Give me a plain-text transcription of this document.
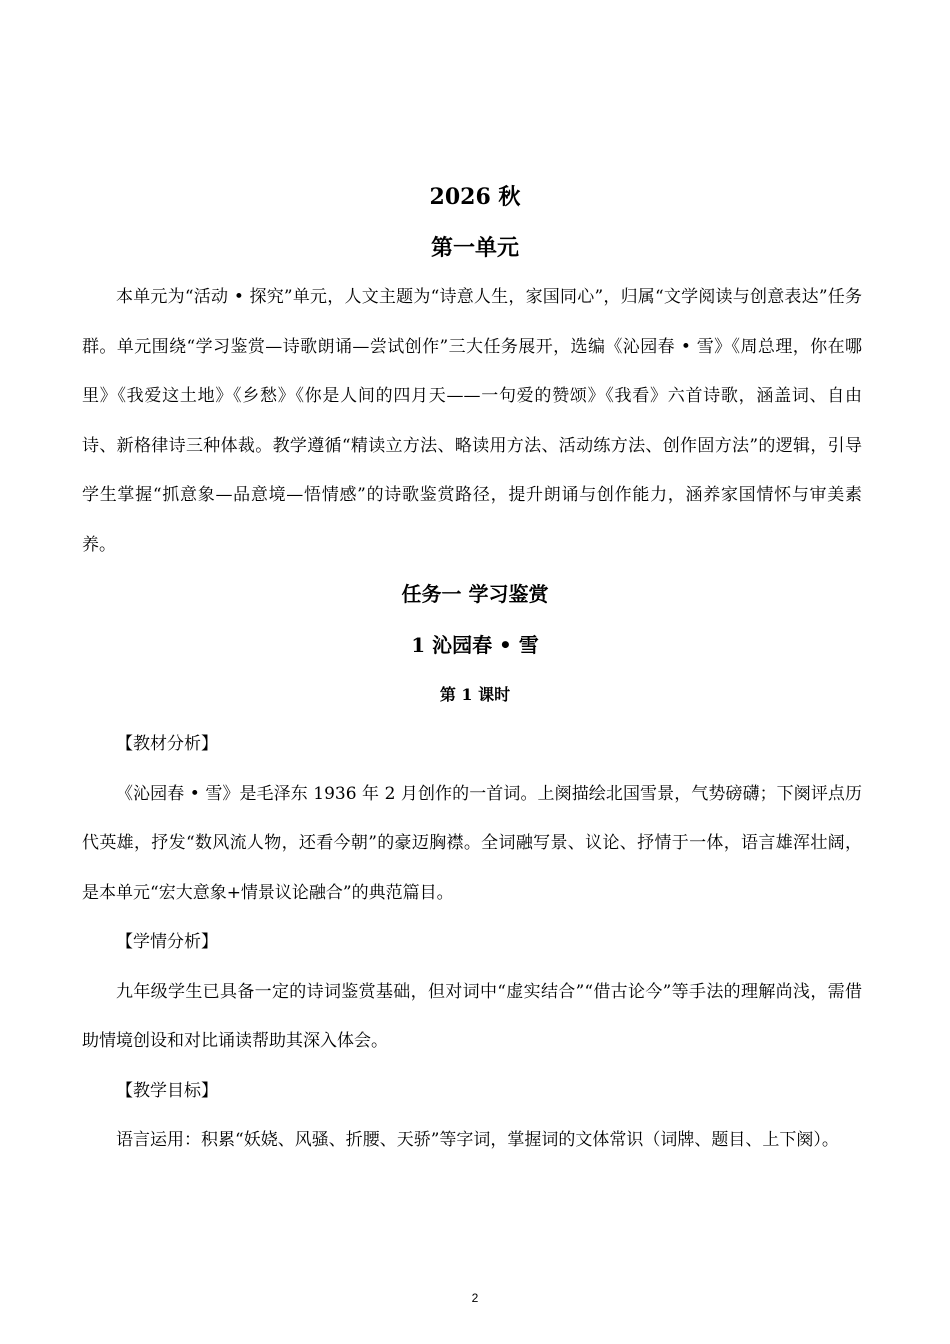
2026 秋
第一单元

本单元为“活动 • 探究”单元，人文主题为“诗意人生，家国同心”，归属“文学阅读与创意表达”任务群。单元围绕“学习鉴赏—诗歌朗诵—尝试创作”三大任务展开，选编《沁园春 • 雪》《周总理，你在哪里》《我爱这土地》《乡愁》《你是人间的四月天——一句爱的赞颂》《我看》六首诗歌，涵盖词、自由诗、新格律诗三种体裁。教学遵循“精读立方法、略读用方法、活动练方法、创作固方法”的逻辑，引导学生掌握“抓意象—品意境—悟情感”的诗歌鉴赏路径，提升朗诵与创作能力，涵养家国情怀与审美素养。

任务一 学习鉴赏
1 沁园春 • 雪
第 1 课时

【教材分析】

《沁园春 • 雪》是毛泽东 1936 年 2 月创作的一首词。上阕描绘北国雪景，气势磅礴；下阕评点历代英雄，抒发“数风流人物，还看今朝”的豪迈胸襟。全词融写景、议论、抒情于一体，语言雄浑壮阔，是本单元“宏大意象+情景议论融合”的典范篇目。

【学情分析】

九年级学生已具备一定的诗词鉴赏基础，但对词中“虚实结合”“借古论今”等手法的理解尚浅，需借助情境创设和对比诵读帮助其深入体会。

【教学目标】

语言运用：积累“妖娆、风骚、折腰、天骄”等字词，掌握词的文体常识（词牌、题目、上下阕）。

2
